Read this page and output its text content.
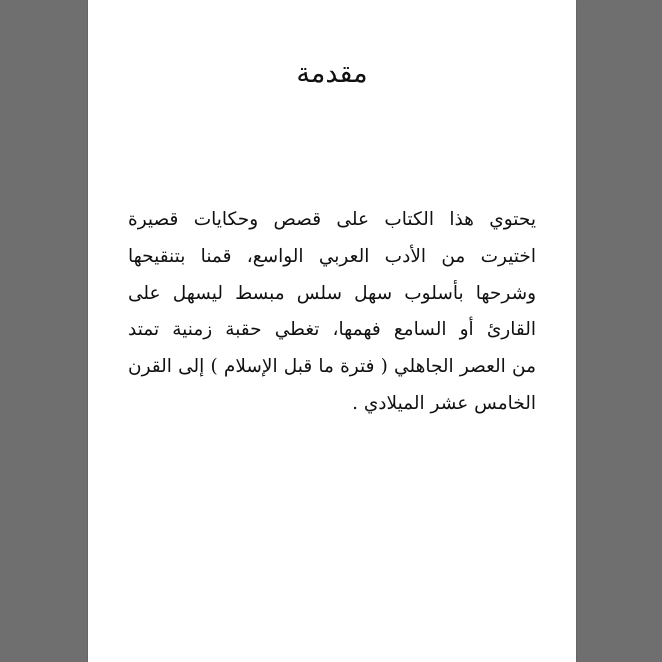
مقدمة
يحتوي هذا الكتاب على قصص وحكايات قصيرة
اختيرت من الأدب العربي الواسع، قمنا بتنقيحها
وشرحها بأسلوب سهل سلس مبسط ليسهل على
القارئ أو السامع فهمها، تغطي حقبة زمنية تمتد
من العصر الجاهلي ( فترة ما قبل الإسلام ) إلى القرن
الخامس عشر الميلادي .
